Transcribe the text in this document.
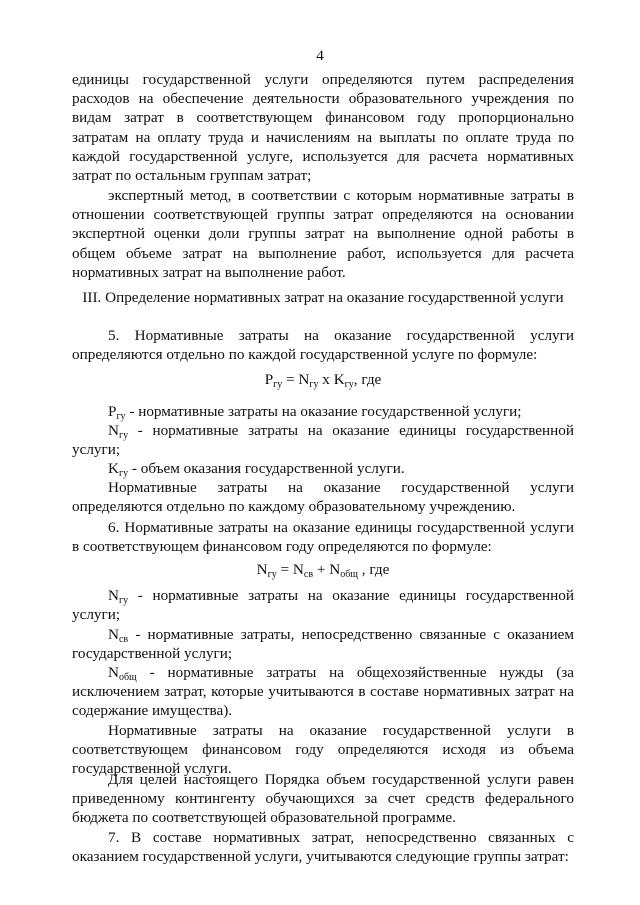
4

единицы государственной услуги определяются путем распределения расходов на обеспечение деятельности образовательного учреждения по видам затрат в соответствующем финансовом году пропорционально затратам на оплату труда и начислениям на выплаты по оплате труда по каждой государственной услуге, используется для расчета нормативных затрат по остальным группам затрат;

экспертный метод, в соответствии с которым нормативные затраты в отношении соответствующей группы затрат определяются на основании экспертной оценки доли группы затрат на выполнение одной работы в общем объеме затрат на выполнение работ, используется для расчета нормативных затрат на выполнение работ.

III. Определение нормативных затрат на оказание государственной услуги

5. Нормативные затраты на оказание государственной услуги определяются отдельно по каждой государственной услуге по формуле:

$P_{гу} = N_{гу}$ x $K_{гу}$, где

$P_{гу}$ - нормативные затраты на оказание государственной услуги;

$N_{гу}$ - нормативные затраты на оказание единицы государственной услуги;

$K_{гу}$ - объем оказания государственной услуги.

Нормативные затраты на оказание государственной услуги определяются отдельно по каждому образовательному учреждению.

6. Нормативные затраты на оказание единицы государственной услуги в соответствующем финансовом году определяются по формуле:

$N_{гу} = N_{св} + N_{общ}$ , где

$N_{гу}$ - нормативные затраты на оказание единицы государственной услуги;

$N_{св}$ - нормативные затраты, непосредственно связанные с оказанием государственной услуги;

$N_{общ}$ - нормативные затраты на общехозяйственные нужды (за исключением затрат, которые учитываются в составе нормативных затрат на содержание имущества).

Нормативные затраты на оказание государственной услуги в соответствующем финансовом году определяются исходя из объема государственной услуги.

Для целей настоящего Порядка объем государственной услуги равен приведенному контингенту обучающихся за счет средств федерального бюджета по соответствующей образовательной программе.

7. В составе нормативных затрат, непосредственно связанных с оказанием государственной услуги, учитываются следующие группы затрат:
